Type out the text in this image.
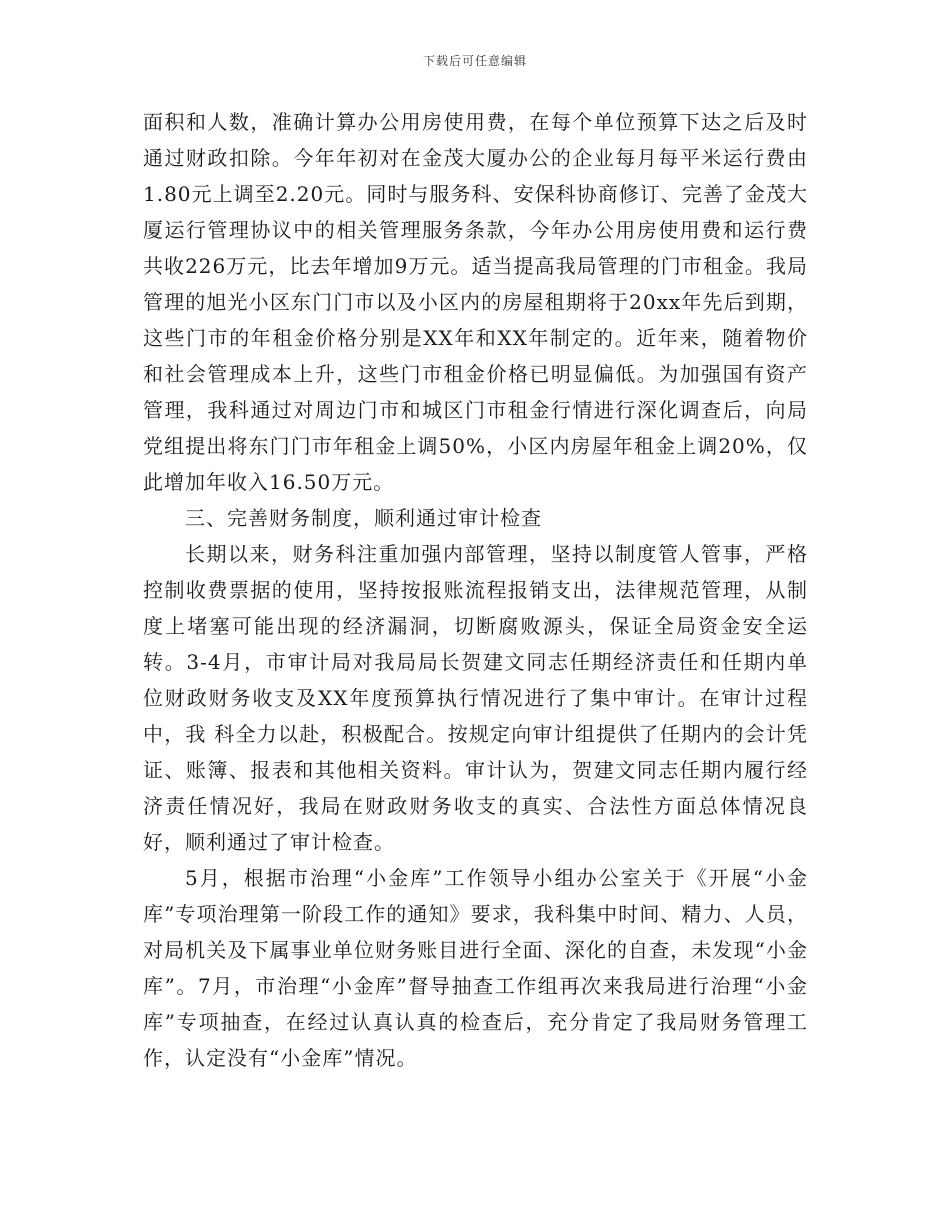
下载后可任意编辑

面积和人数，准确计算办公用房使用费，在每个单位预算下达之后及时通过财政扣除。今年年初对在金茂大厦办公的企业每月每平米运行费由1.80元上调至2.20元。同时与服务科、安保科协商修订、完善了金茂大厦运行管理协议中的相关管理服务条款，今年办公用房使用费和运行费共收226万元，比去年增加9万元。适当提高我局管理的门市租金。我局管理的旭光小区东门门市以及小区内的房屋租期将于20xx年先后到期，这些门市的年租金价格分别是XX年和XX年制定的。近年来，随着物价和社会管理成本上升，这些门市租金价格已明显偏低。为加强国有资产管理，我科通过对周边门市和城区门市租金行情进行深化调查后，向局党组提出将东门门市年租金上调50%，小区内房屋年租金上调20%，仅此增加年收入16.50万元。

三、完善财务制度，顺利通过审计检查

长期以来，财务科注重加强内部管理，坚持以制度管人管事，严格控制收费票据的使用，坚持按报账流程报销支出，法律规范管理，从制度上堵塞可能出现的经济漏洞，切断腐败源头，保证全局资金安全运转。3-4月，市审计局对我局局长贺建文同志任期经济责任和任期内单位财政财务收支及XX年度预算执行情况进行了集中审计。在审计过程中，我 科全力以赴，积极配合。按规定向审计组提供了任期内的会计凭证、账簿、报表和其他相关资料。审计认为，贺建文同志任期内履行经济责任情况好，我局在财政财务收支的真实、合法性方面总体情况良好，顺利通过了审计检查。

5月，根据市治理“小金库”工作领导小组办公室关于《开展“小金库”专项治理第一阶段工作的通知》要求，我科集中时间、精力、人员，对局机关及下属事业单位财务账目进行全面、深化的自查，未发现“小金库”。7月，市治理“小金库”督导抽查工作组再次来我局进行治理“小金库”专项抽查，在经过认真认真的检查后，充分肯定了我局财务管理工作，认定没有“小金库”情况。
